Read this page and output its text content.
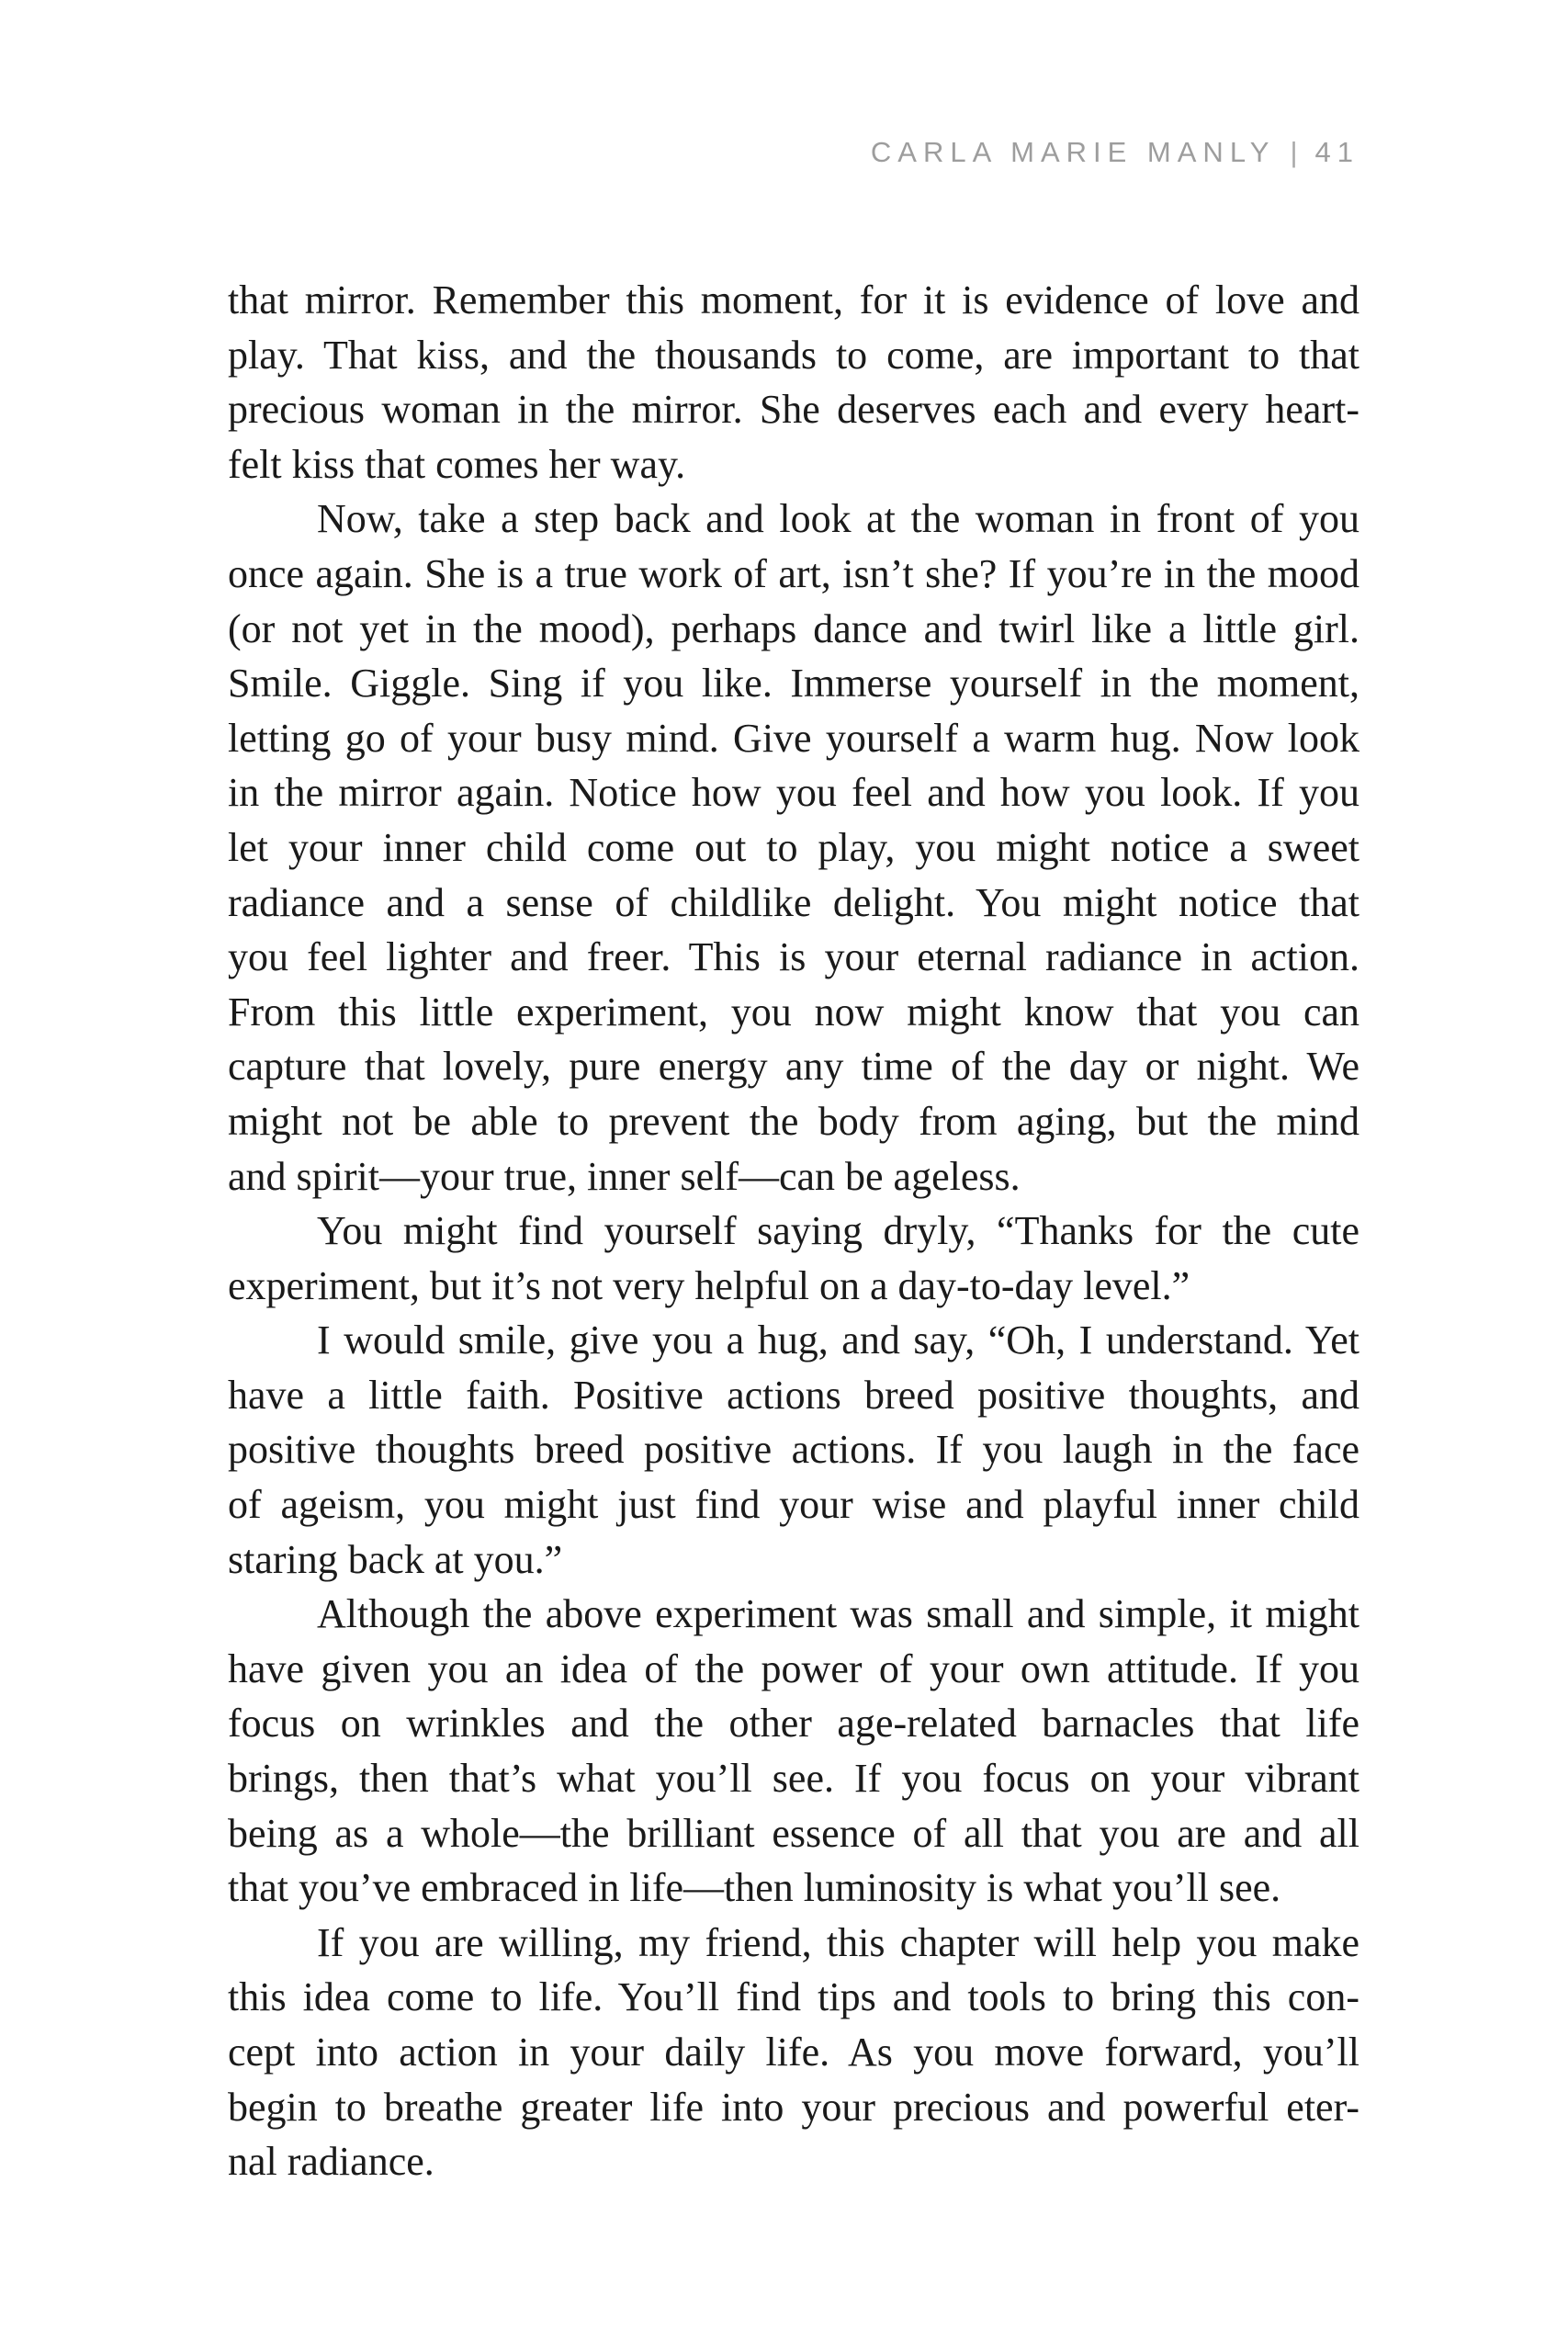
CARLA MARIE MANLY | 41
that mirror. Remember this moment, for it is evidence of love and
play. That kiss, and the thousands to come, are important to that
precious woman in the mirror. She deserves each and every heart-
felt kiss that comes her way.
Now, take a step back and look at the woman in front of you
once again. She is a true work of art, isn’t she? If you’re in the mood
(or not yet in the mood), perhaps dance and twirl like a little girl.
Smile. Giggle. Sing if you like. Immerse yourself in the moment,
letting go of your busy mind. Give yourself a warm hug. Now look
in the mirror again. Notice how you feel and how you look. If you
let your inner child come out to play, you might notice a sweet
radiance and a sense of childlike delight. You might notice that
you feel lighter and freer. This is your eternal radiance in action.
From this little experiment, you now might know that you can
capture that lovely, pure energy any time of the day or night. We
might not be able to prevent the body from aging, but the mind
and spirit—your true, inner self—can be ageless.
You might find yourself saying dryly, “Thanks for the cute
experiment, but it’s not very helpful on a day-to-day level.”
I would smile, give you a hug, and say, “Oh, I understand. Yet
have a little faith. Positive actions breed positive thoughts, and
positive thoughts breed positive actions. If you laugh in the face
of ageism, you might just find your wise and playful inner child
staring back at you.”
Although the above experiment was small and simple, it might
have given you an idea of the power of your own attitude. If you
focus on wrinkles and the other age-related barnacles that life
brings, then that’s what you’ll see. If you focus on your vibrant
being as a whole—the brilliant essence of all that you are and all
that you’ve embraced in life—then luminosity is what you’ll see.
If you are willing, my friend, this chapter will help you make
this idea come to life. You’ll find tips and tools to bring this con-
cept into action in your daily life. As you move forward, you’ll
begin to breathe greater life into your precious and powerful eter-
nal radiance.
